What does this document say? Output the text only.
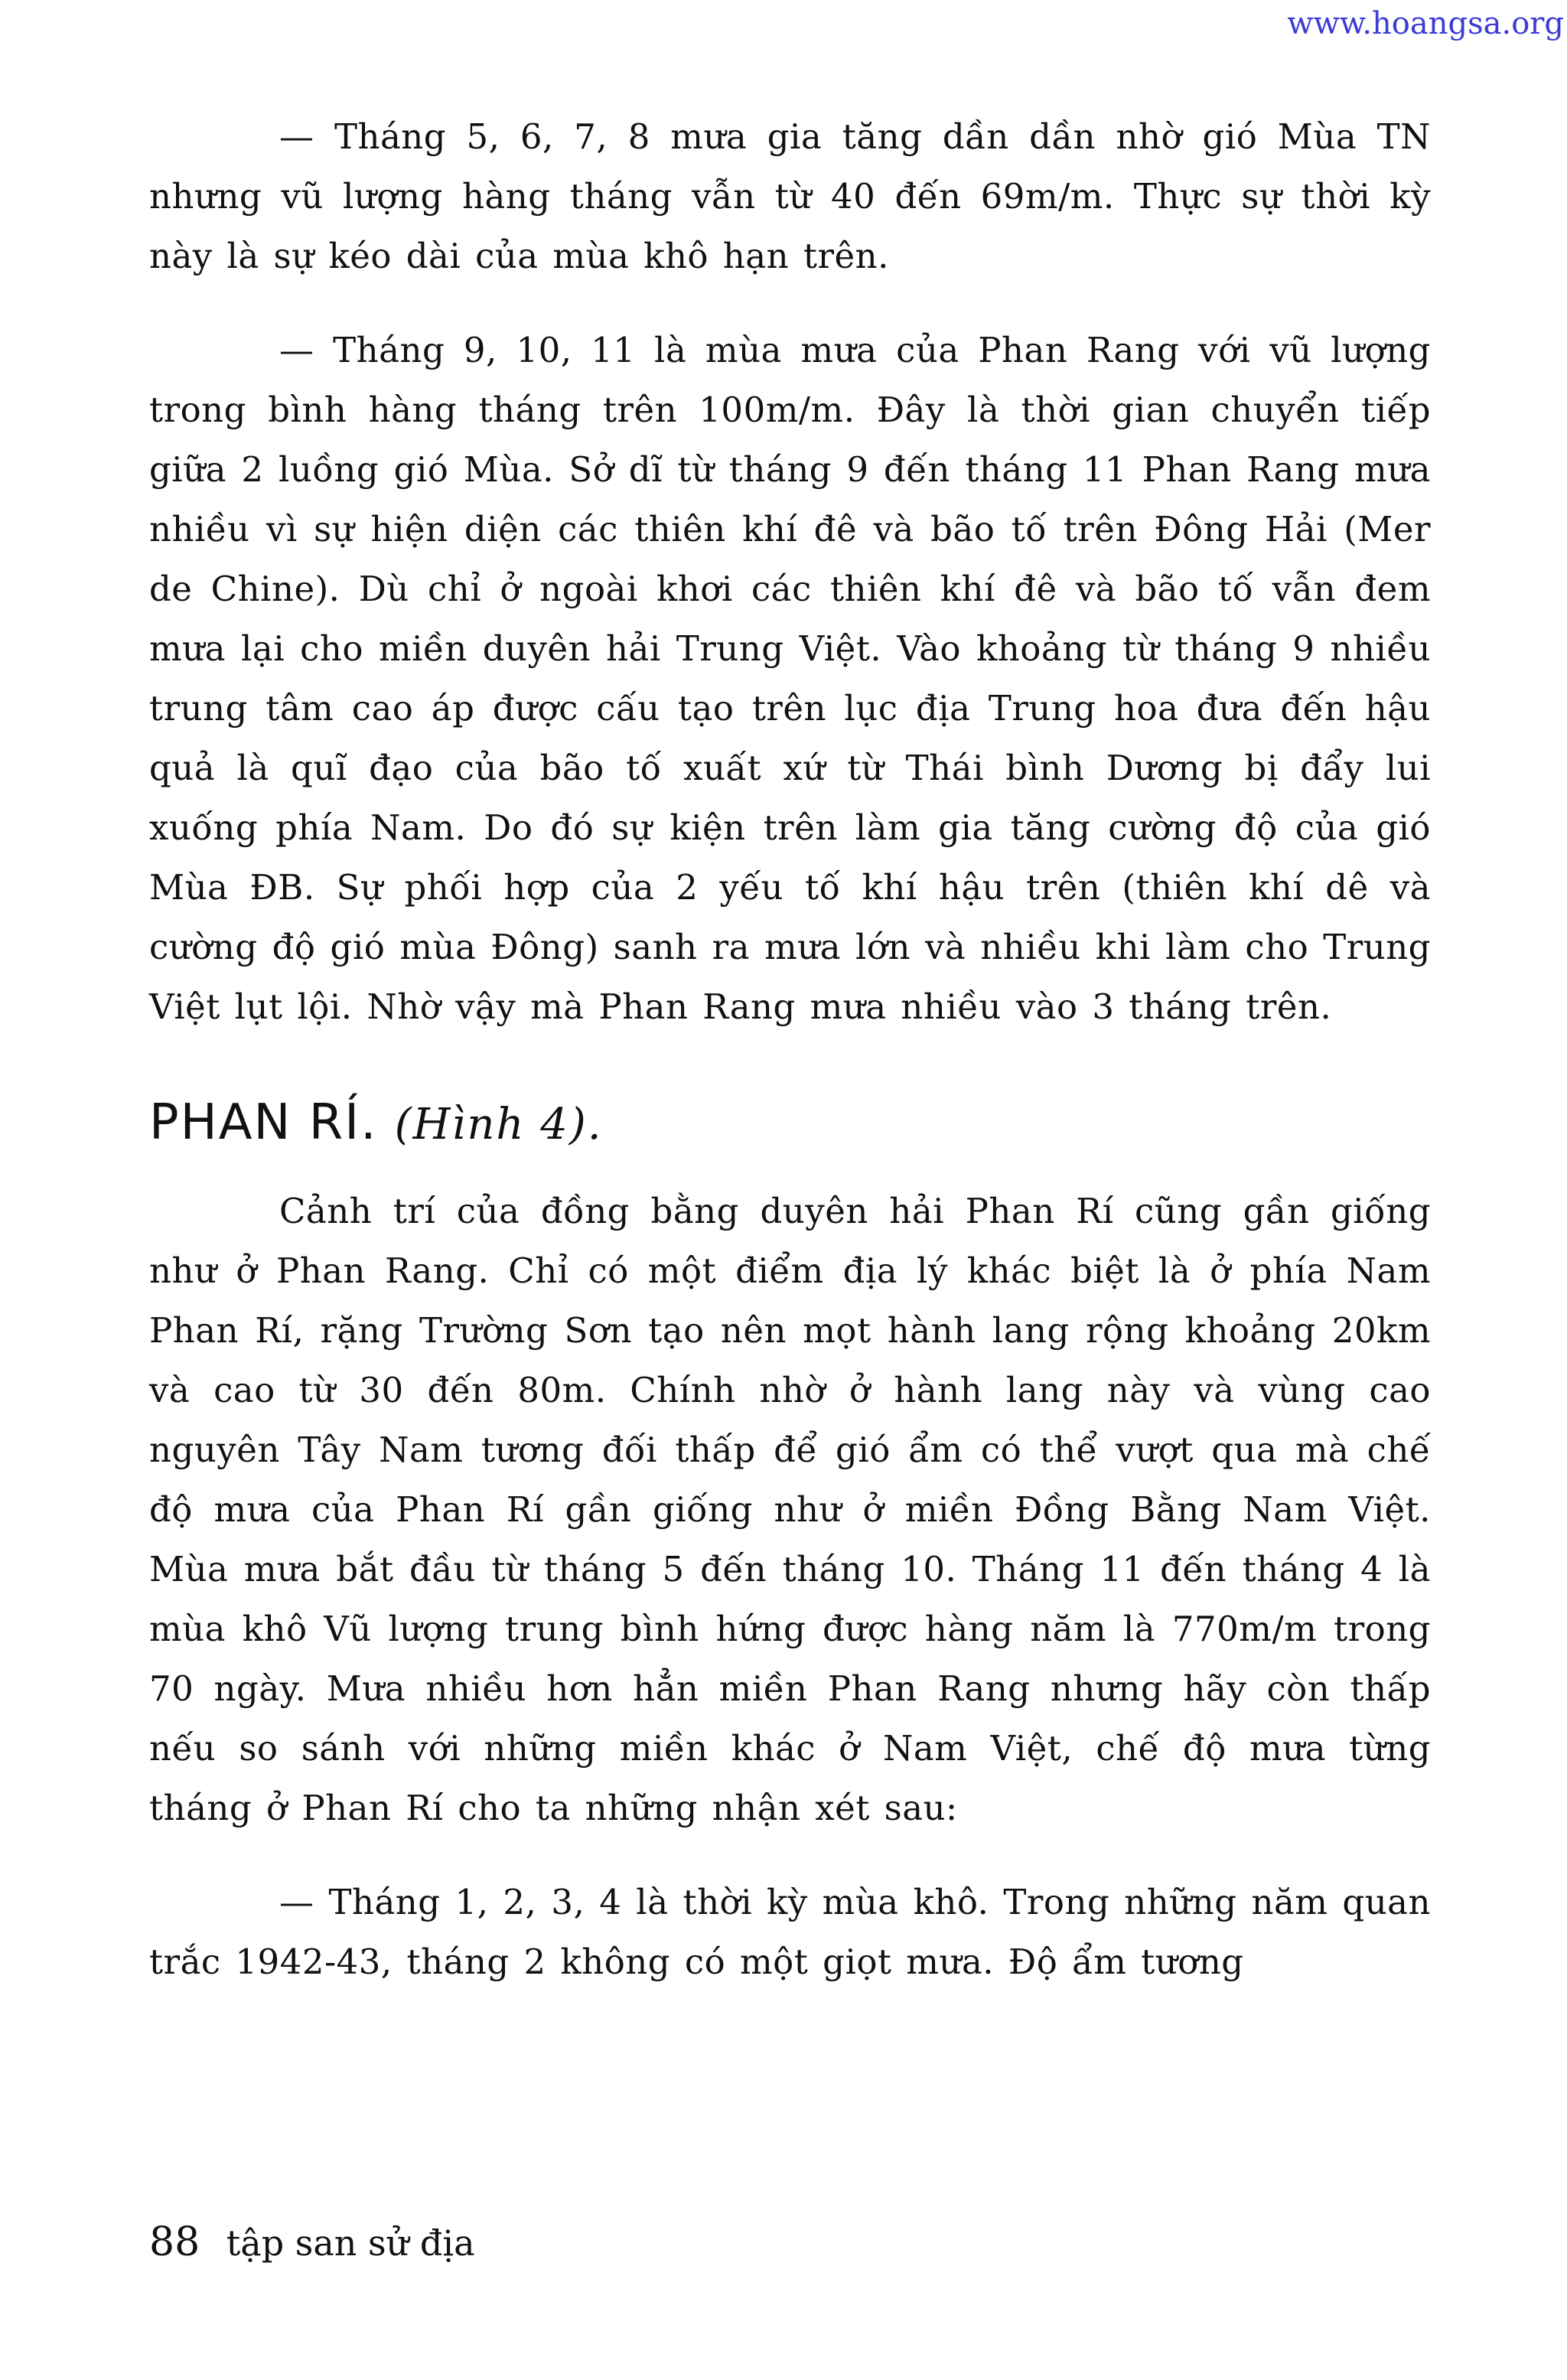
www.hoangsa.org

— Tháng 5, 6, 7, 8 mưa gia tăng dần dần nhờ gió Mùa TN nhưng vũ lượng hàng tháng vẫn từ 40 đến 69m/m. Thực sự thời kỳ này là sự kéo dài của mùa khô hạn trên.

— Tháng 9, 10, 11 là mùa mưa của Phan Rang với vũ lượng trong bình hàng tháng trên 100m/m. Đây là thời gian chuyển tiếp giữa 2 luồng gió Mùa. Sở dĩ từ tháng 9 đến tháng 11 Phan Rang mưa nhiều vì sự hiện diện các thiên khí đê và bão tố trên Đông Hải (Mer de Chine). Dù chỉ ở ngoài khơi các thiên khí đê và bão tố vẫn đem mưa lại cho miền duyên hải Trung Việt. Vào khoảng từ tháng 9 nhiều trung tâm cao áp được cấu tạo trên lục địa Trung hoa đưa đến hậu quả là quĩ đạo của bão tố xuất xứ từ Thái bình Dương bị đẩy lui xuống phía Nam. Do đó sự kiện trên làm gia tăng cường độ của gió Mùa ĐB. Sự phối hợp của 2 yếu tố khí hậu trên (thiên khí dê và cường độ gió mùa Đông) sanh ra mưa lớn và nhiều khi làm cho Trung Việt lụt lội. Nhờ vậy mà Phan Rang mưa nhiều vào 3 tháng trên.

PHAN RÍ. (Hình 4).

Cảnh trí của đồng bằng duyên hải Phan Rí cũng gần giống như ở Phan Rang. Chỉ có một điểm địa lý khác biệt là ở phía Nam Phan Rí, rặng Trường Sơn tạo nên mọt hành lang rộng khoảng 20km và cao từ 30 đến 80m. Chính nhờ ở hành lang này và vùng cao nguyên Tây Nam tương đối thấp để gió ẩm có thể vượt qua mà chế độ mưa của Phan Rí gần giống như ở miền Đồng Bằng Nam Việt. Mùa mưa bắt đầu từ tháng 5 đến tháng 10. Tháng 11 đến tháng 4 là mùa khô Vũ lượng trung bình hứng được hàng năm là 770m/m trong 70 ngày. Mưa nhiều hơn hẳn miền Phan Rang nhưng hãy còn thấp nếu so sánh với những miền khác ở Nam Việt, chế độ mưa từng tháng ở Phan Rí cho ta những nhận xét sau:

— Tháng 1, 2, 3, 4 là thời kỳ mùa khô. Trong những năm quan trắc 1942-43, tháng 2 không có một giọt mưa. Độ ẩm tương

88 tập san sử địa
